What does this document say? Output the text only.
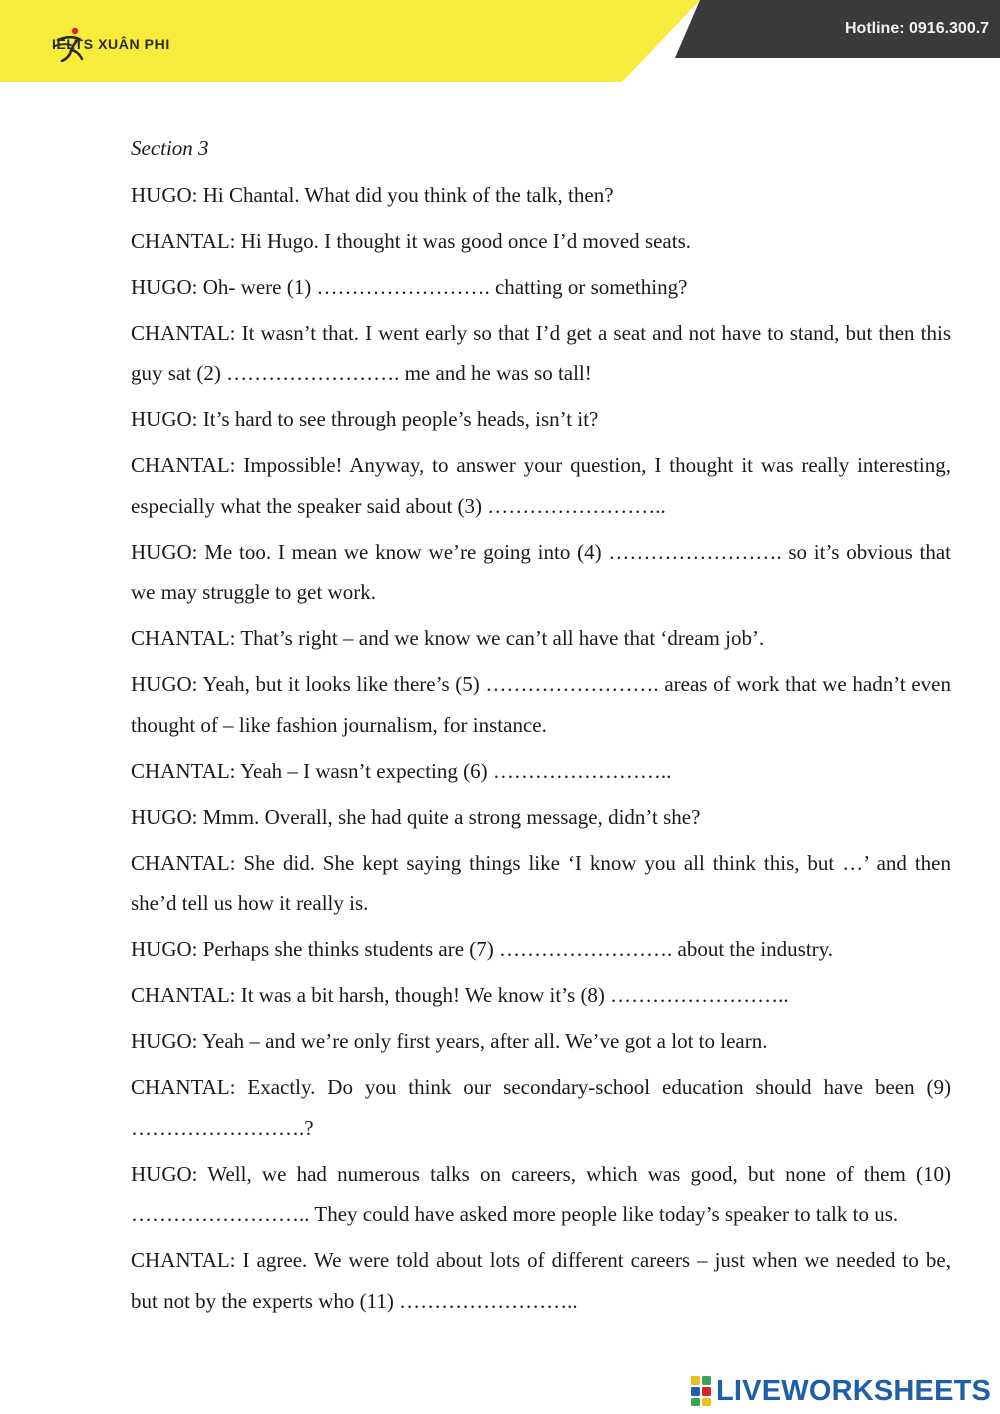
IELTS XUÂN PHI
Hotline: 0916.300.7

Section 3

HUGO: Hi Chantal. What did you think of the talk, then?

CHANTAL: Hi Hugo. I thought it was good once I’d moved seats.

HUGO: Oh- were (1) ……………………. chatting or something?

CHANTAL: It wasn’t that. I went early so that I’d get a seat and not have to stand, but then this guy sat (2) ……………………. me and he was so tall!

HUGO: It’s hard to see through people’s heads, isn’t it?

CHANTAL: Impossible! Anyway, to answer your question, I thought it was really interesting, especially what the speaker said about (3) ……………………..

HUGO: Me too. I mean we know we’re going into (4) ……………………. so it’s obvious that we may struggle to get work.

CHANTAL: That’s right – and we know we can’t all have that ‘dream job’.

HUGO: Yeah, but it looks like there’s (5) ……………………. areas of work that we hadn’t even thought of – like fashion journalism, for instance.

CHANTAL: Yeah – I wasn’t expecting (6) ……………………..

HUGO: Mmm. Overall, she had quite a strong message, didn’t she?

CHANTAL: She did. She kept saying things like ‘I know you all think this, but …’ and then she’d tell us how it really is.

HUGO: Perhaps she thinks students are (7) ……………………. about the industry.

CHANTAL: It was a bit harsh, though! We know it’s (8) ……………………..

HUGO: Yeah – and we’re only first years, after all. We’ve got a lot to learn.

CHANTAL: Exactly. Do you think our secondary-school education should have been (9) …………………….?

HUGO: Well, we had numerous talks on careers, which was good, but none of them (10) …………………….. They could have asked more people like today’s speaker to talk to us.

CHANTAL: I agree. We were told about lots of different careers – just when we needed to be, but not by the experts who (11) ……………………..

LIVEWORKSHEETS
